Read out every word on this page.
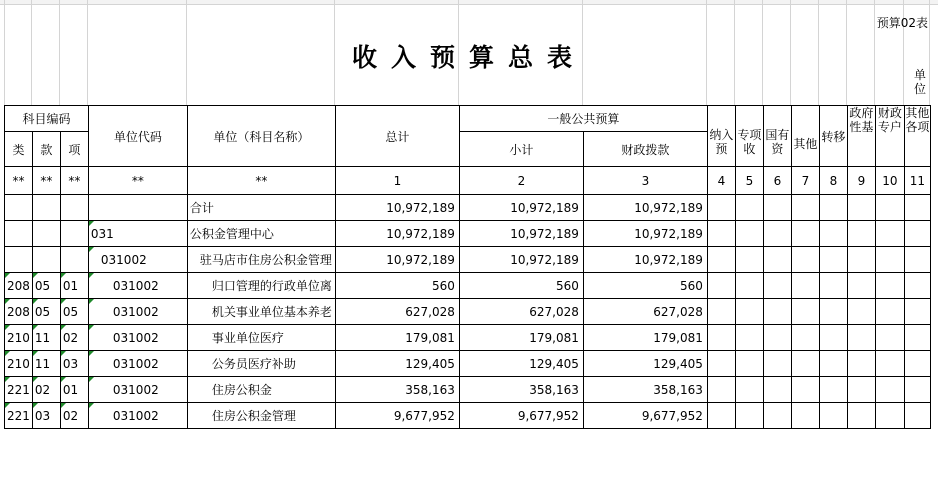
预算02表
收入预算总表
单位
科目编码			单位代码	单位（科目名称）	总计	一般公共预算		纳入预	专项收	国有资	其他	转移	政府性基	财政专户	其他各项

类	款	项				小计	财政拨款								
**	**	**	**	**	1	2	3	4	5	6	7	8	9	10	11
				合计	10,972,189	10,972,189	10,972,189								
			031	公积金管理中心	10,972,189	10,972,189	10,972,189								
			031002	驻马店市住房公积金管理	10,972,189	10,972,189	10,972,189								
208	05	01	031002	归口管理的行政单位离	560	560	560								
208	05	05	031002	机关事业单位基本养老	627,028	627,028	627,028								
210	11	02	031002	事业单位医疗	179,081	179,081	179,081								
210	11	03	031002	公务员医疗补助	129,405	129,405	129,405								
221	02	01	031002	住房公积金	358,163	358,163	358,163								
221	03	02	031002	住房公积金管理	9,677,952	9,677,952	9,677,952								
